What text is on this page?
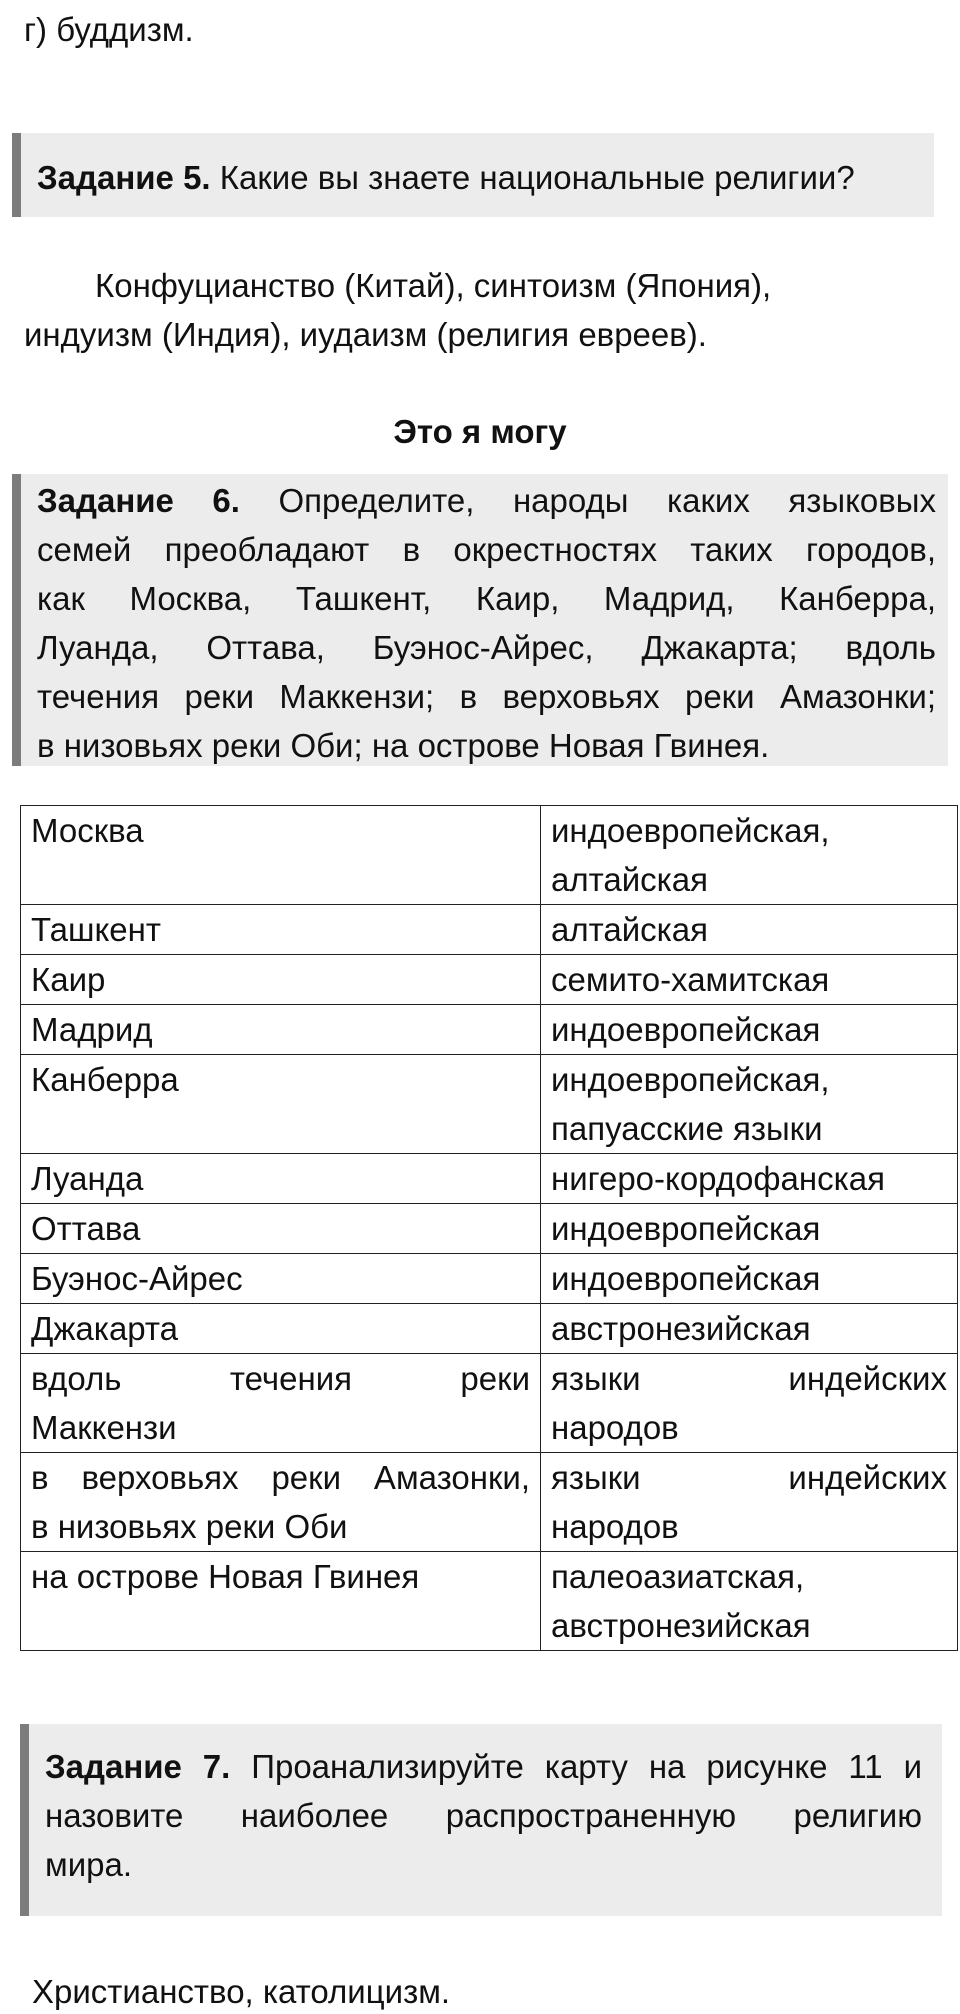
г) буддизм.
Задание 5. Какие вы знаете национальные религии?
Конфуцианство (Китай), синтоизм (Япония),
индуизм (Индия), иудаизм (религия евреев).
Это я могу
Задание 6. Определите, народы каких языковых
семей преобладают в окрестностях таких городов,
как Москва, Ташкент, Каир, Мадрид, Канберра,
Луанда, Оттава, Буэнос-Айрес, Джакарта; вдоль
течения реки Маккензи; в верховьях реки Амазонки;
в низовьях реки Оби; на острове Новая Гвинея.
Москва	индоевропейская,
алтайская

Ташкент	алтайская

Каир	семито-хамитская

Мадрид	индоевропейская

Канберра	индоевропейская,
папуасские языки

Луанда	нигеро-кордофанская

Оттава	индоевропейская

Буэнос-Айрес	индоевропейская

Джакарта	австронезийская

вдоль течения реки
Маккензи	языки индейских
народов

в верховьях реки Амазонки,
в низовьях реки Оби	языки индейских
народов

на острове Новая Гвинея	палеоазиатская,
австронезийская
Задание 7. Проанализируйте карту на рисунке 11 и
назовите наиболее распространенную религию
мира.
Христианство, католицизм.
